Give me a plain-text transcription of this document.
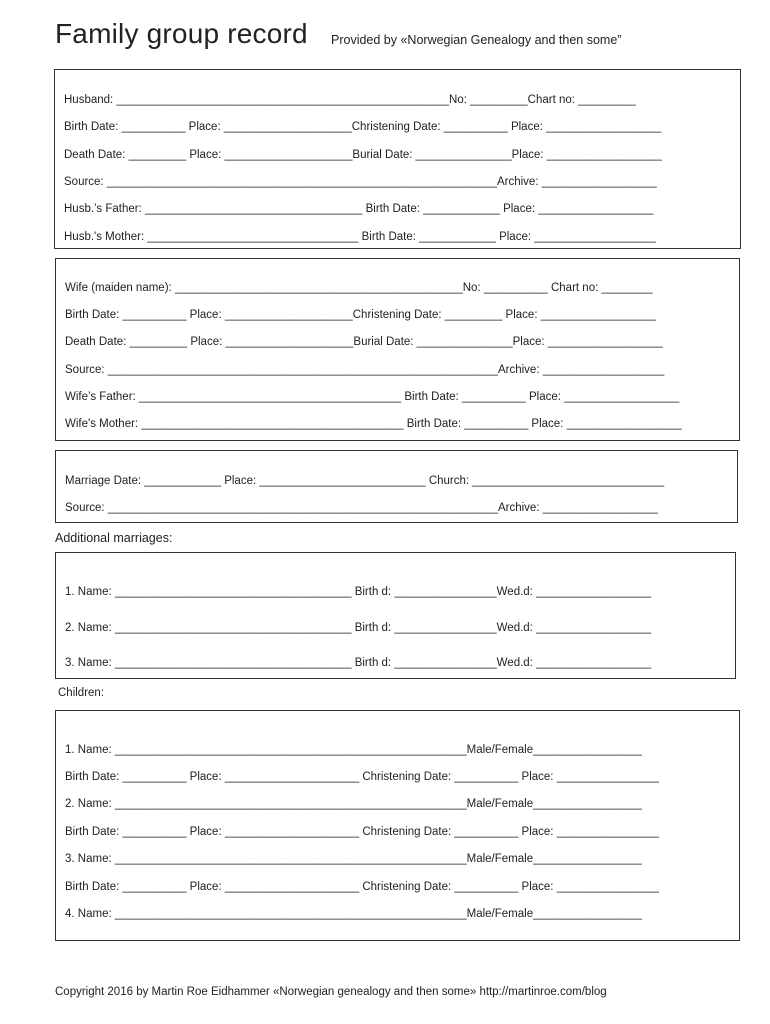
Family group record Provided by «Norwegian Genealogy and then some”
Husband: ____________________________________________________No: _________Chart no: _________
Birth Date: __________ Place: ____________________Christening Date: __________ Place: __________________
Death Date: _________ Place: ____________________Burial Date: _______________Place: __________________
Source: _____________________________________________________________Archive: __________________
Husb.’s Father: __________________________________ Birth Date: ____________ Place: __________________
Husb.'s Mother: _________________________________ Birth Date: ____________ Place: ___________________
Wife (maiden name): _____________________________________________No: __________ Chart no: ________
Birth Date: __________ Place: ____________________Christening Date: _________ Place: __________________
Death Date: _________ Place: ____________________Burial Date: _______________Place: __________________
Source: _____________________________________________________________Archive: ___________________
Wife’s Father: _________________________________________ Birth Date: __________ Place: __________________
Wife's Mother: _________________________________________ Birth Date: __________ Place: __________________
Marriage Date: ____________ Place: __________________________ Church: ______________________________
Source: _____________________________________________________________Archive: __________________
Additional marriages:
1. Name: _____________________________________ Birth d: ________________Wed.d: __________________
2. Name: _____________________________________ Birth d: ________________Wed.d: __________________
3. Name: _____________________________________ Birth d: ________________Wed.d: __________________
Children:
1. Name: _______________________________________________________Male/Female_________________
Birth Date: __________ Place: _____________________ Christening Date: __________ Place: ________________
2. Name: _______________________________________________________Male/Female_________________
Birth Date: __________ Place: _____________________ Christening Date: __________ Place: ________________
3. Name: _______________________________________________________Male/Female_________________
Birth Date: __________ Place: _____________________ Christening Date: __________ Place: ________________
4. Name: _______________________________________________________Male/Female_________________
Copyright 2016 by Martin Roe Eidhammer «Norwegian genealogy and then some» http://martinroe.com/blog
